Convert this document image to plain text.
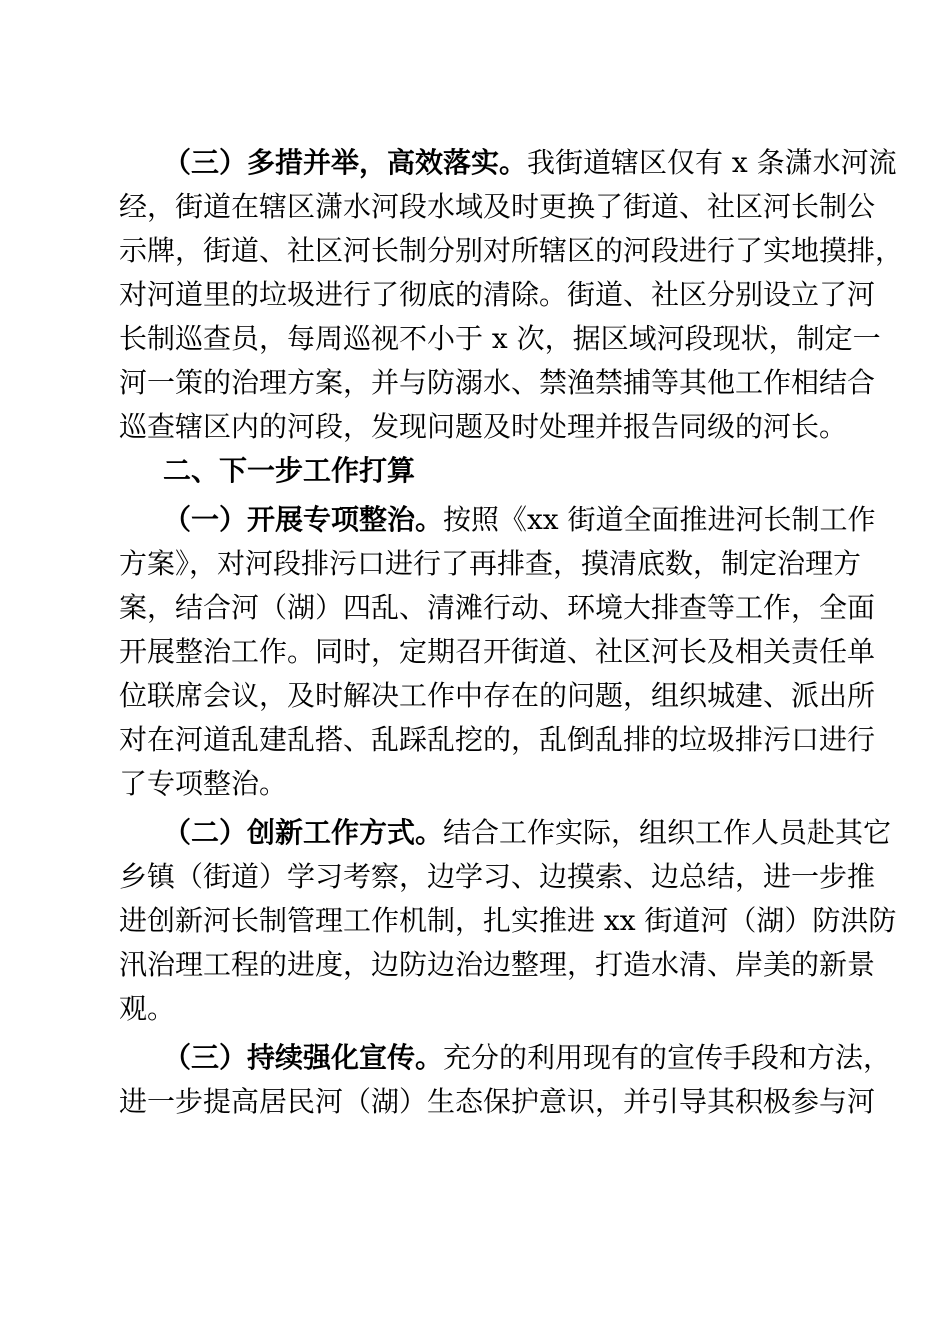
（三）多措并举，高效落实。我街道辖区仅有 x 条潇水河流
经，街道在辖区潇水河段水域及时更换了街道、社区河长制公
示牌，街道、社区河长制分别对所辖区的河段进行了实地摸排，
对河道里的垃圾进行了彻底的清除。街道、社区分别设立了河
长制巡查员，每周巡视不小于 x 次，据区域河段现状，制定一
河一策的治理方案，并与防溺水、禁渔禁捕等其他工作相结合
巡查辖区内的河段，发现问题及时处理并报告同级的河长。
二、下一步工作打算
（一）开展专项整治。按照《xx 街道全面推进河长制工作
方案》，对河段排污口进行了再排查，摸清底数，制定治理方
案，结合河（湖）四乱、清滩行动、环境大排查等工作，全面
开展整治工作。同时，定期召开街道、社区河长及相关责任单
位联席会议，及时解决工作中存在的问题，组织城建、派出所
对在河道乱建乱搭、乱踩乱挖的，乱倒乱排的垃圾排污口进行
了专项整治。
（二）创新工作方式。结合工作实际，组织工作人员赴其它
乡镇（街道）学习考察，边学习、边摸索、边总结，进一步推
进创新河长制管理工作机制，扎实推进 xx 街道河（湖）防洪防
汛治理工程的进度，边防边治边整理，打造水清、岸美的新景
观。
（三）持续强化宣传。充分的利用现有的宣传手段和方法，
进一步提高居民河（湖）生态保护意识，并引导其积极参与河
